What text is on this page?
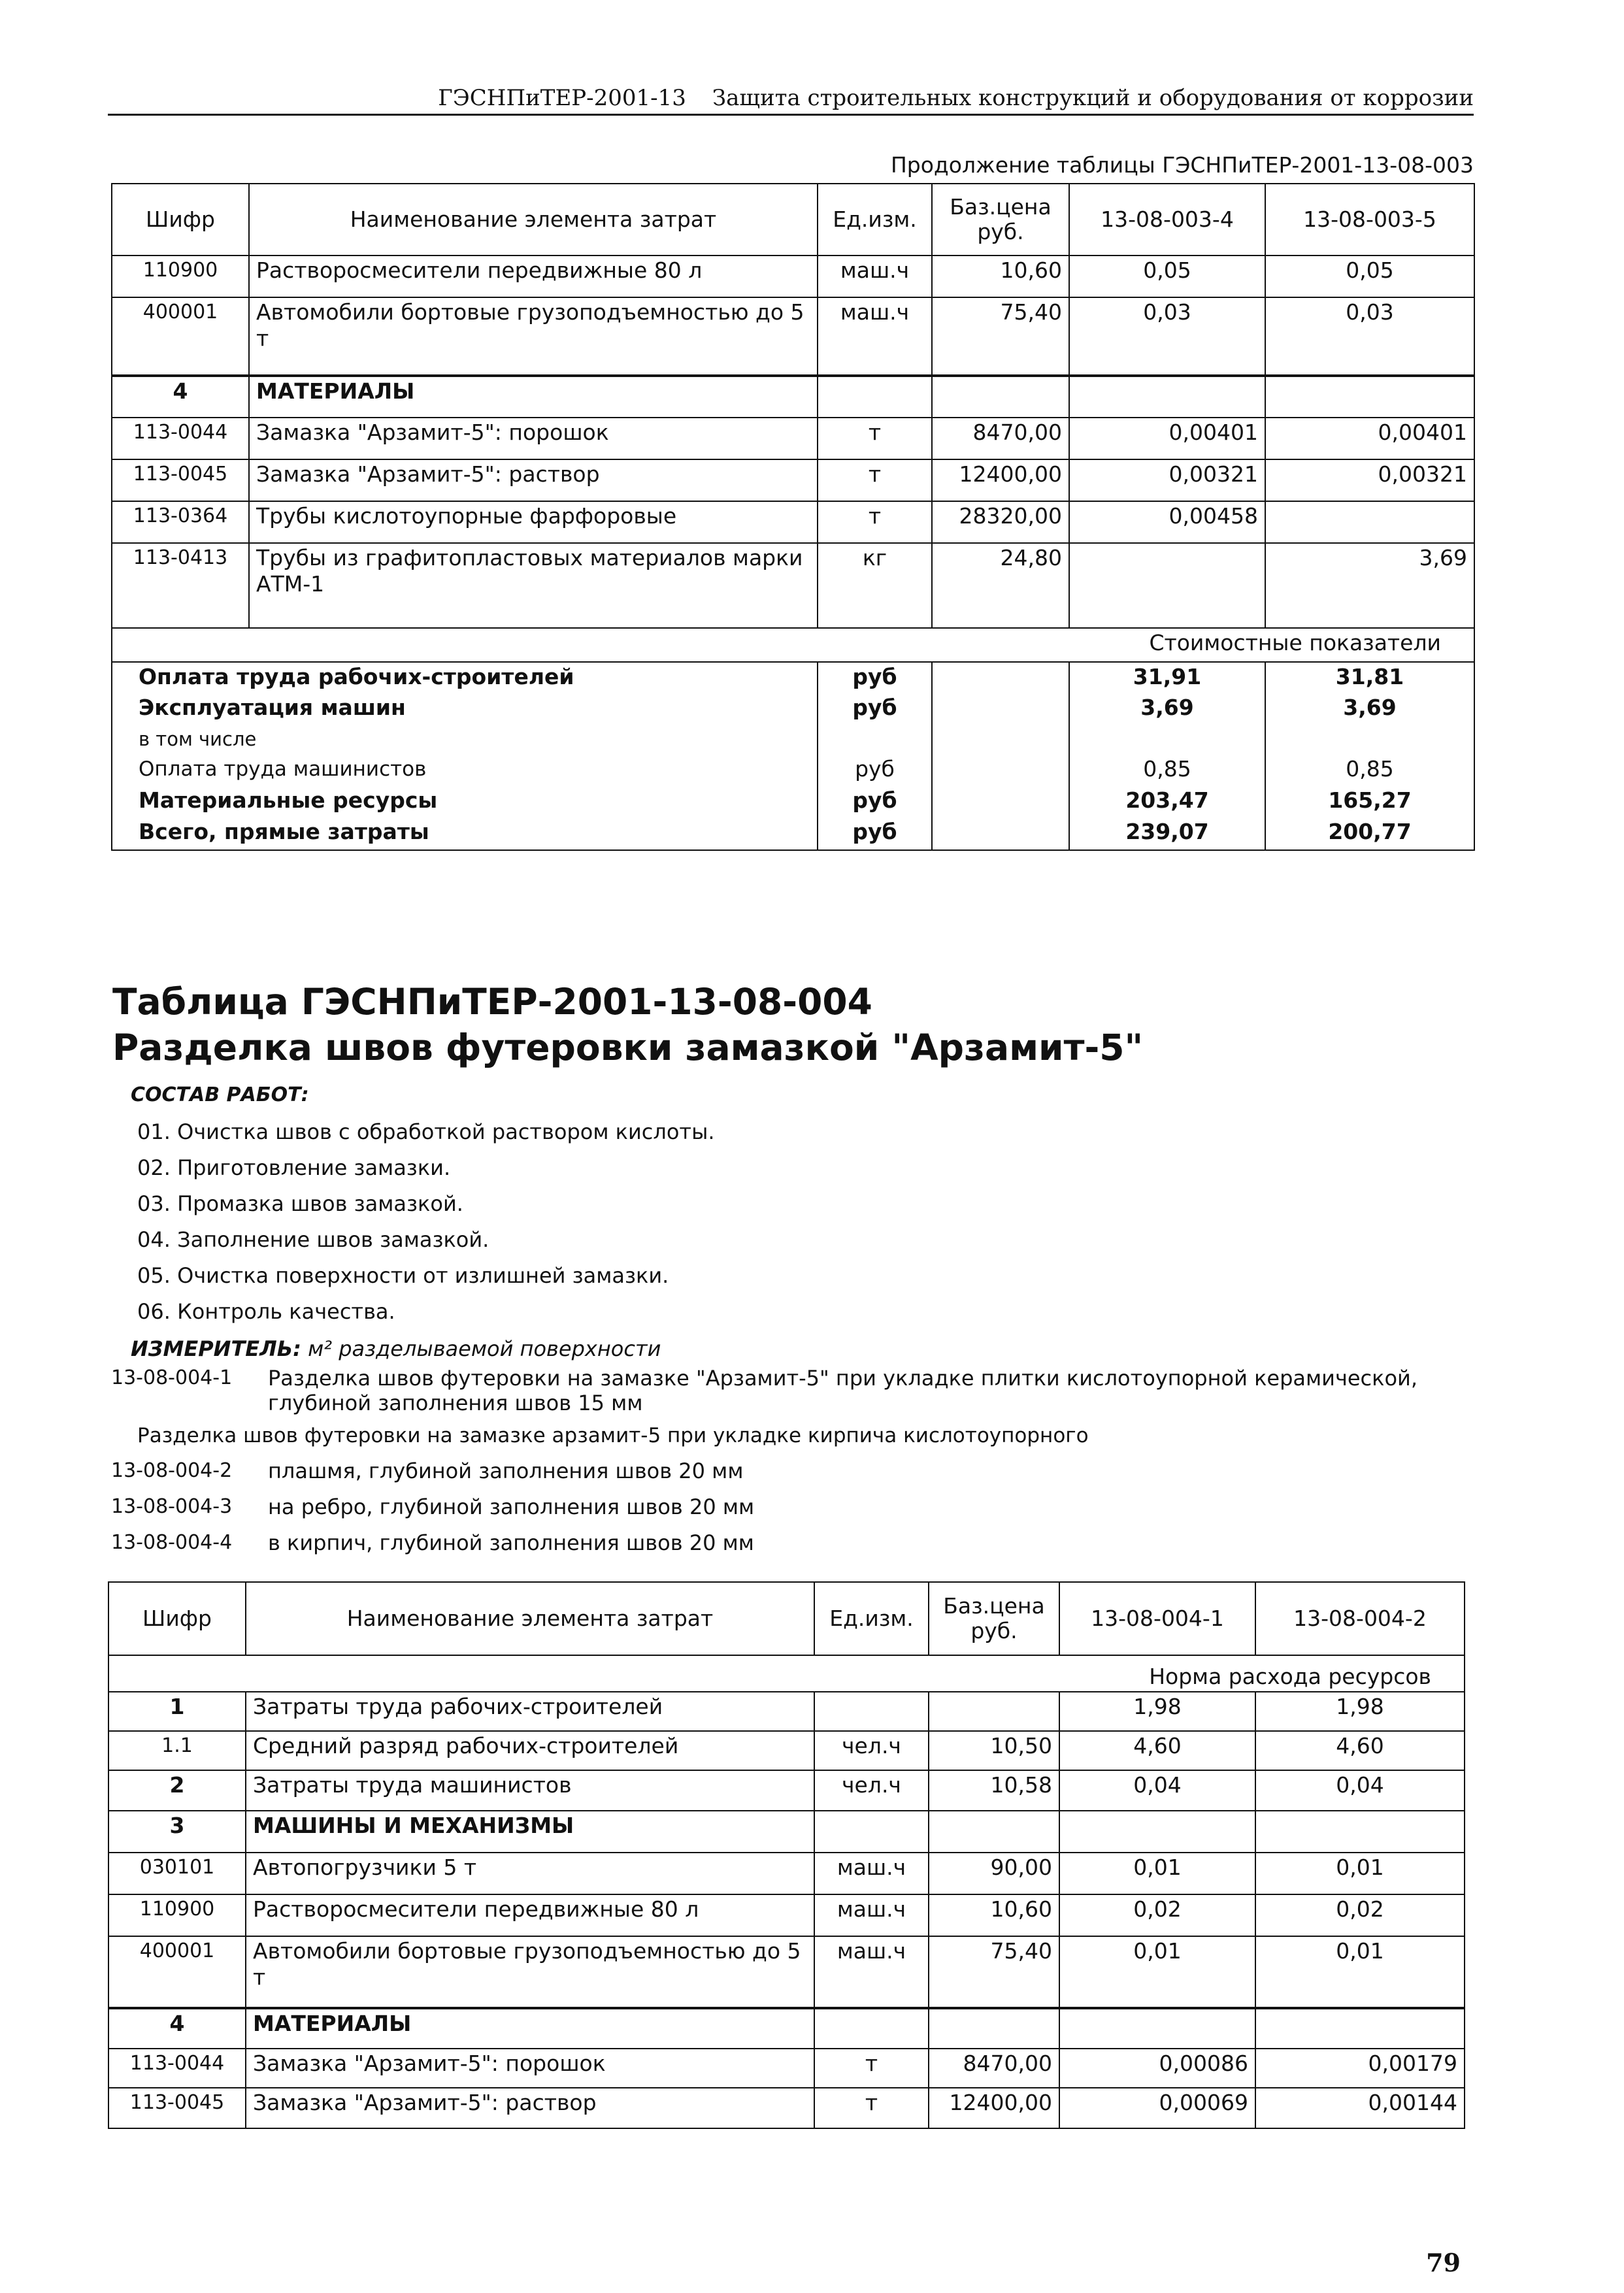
ГЭСНПиТЕР-2001-13 Защита строительных конструкций и оборудования от коррозии
Продолжение таблицы ГЭСНПиТЕР-2001-13-08-003
Шифр	Наименование элемента затрат	Ед.изм.	Баз.цена руб.	13-08-003-4	13-08-003-5
110900	Растворосмесители передвижные 80 л	маш.ч	10,60	0,05	0,05
400001	Автомобили бортовые грузоподъемностью до 5 т	маш.ч	75,40	0,03	0,03
4	МАТЕРИАЛЫ				
113-0044	Замазка "Арзамит-5": порошок	т	8470,00	0,00401	0,00401
113-0045	Замазка "Арзамит-5": раствор	т	12400,00	0,00321	0,00321
113-0364	Трубы кислотоупорные фарфоровые	т	28320,00	0,00458	
113-0413	Трубы из графитопластовых материалов марки АТМ-1	кг	24,80		3,69
Стоимостные показатели					
Оплата труда рабочих-строителей		руб		31,91	31,81
Эксплуатация машин		руб		3,69	3,69
в том числе					
Оплата труда машинистов		руб		0,85	0,85
Материальные ресурсы		руб		203,47	165,27
Всего, прямые затраты		руб		239,07	200,77
Таблица ГЭСНПиТЕР-2001-13-08-004
Разделка швов футеровки замазкой "Арзамит-5"
СОСТАВ РАБОТ:
01. Очистка швов с обработкой раствором кислоты.
02. Приготовление замазки.
03. Промазка швов замазкой.
04. Заполнение швов замазкой.
05. Очистка поверхности от излишней замазки.
06. Контроль качества.
ИЗМЕРИТЕЛЬ: м² разделываемой поверхности
13-08-004-1	Разделка швов футеровки на замазке "Арзамит-5" при укладке плитки кислотоупорной керамической, глубиной заполнения швов 15 мм
Разделка швов футеровки на замазке арзамит-5 при укладке кирпича кислотоупорного
13-08-004-2	плашмя, глубиной заполнения швов 20 мм
13-08-004-3	на ребро, глубиной заполнения швов 20 мм
13-08-004-4	в кирпич, глубиной заполнения швов 20 мм
Шифр	Наименование элемента затрат	Ед.изм.	Баз.цена руб.	13-08-004-1	13-08-004-2
Норма расхода ресурсов					
1	Затраты труда рабочих-строителей			1,98	1,98
1.1	Средний разряд рабочих-строителей	чел.ч	10,50	4,60	4,60
2	Затраты труда машинистов	чел.ч	10,58	0,04	0,04
3	МАШИНЫ И МЕХАНИЗМЫ				
030101	Автопогрузчики 5 т	маш.ч	90,00	0,01	0,01
110900	Растворосмесители передвижные 80 л	маш.ч	10,60	0,02	0,02
400001	Автомобили бортовые грузоподъемностью до 5 т	маш.ч	75,40	0,01	0,01
4	МАТЕРИАЛЫ				
113-0044	Замазка "Арзамит-5": порошок	т	8470,00	0,00086	0,00179
113-0045	Замазка "Арзамит-5": раствор	т	12400,00	0,00069	0,00144
79
